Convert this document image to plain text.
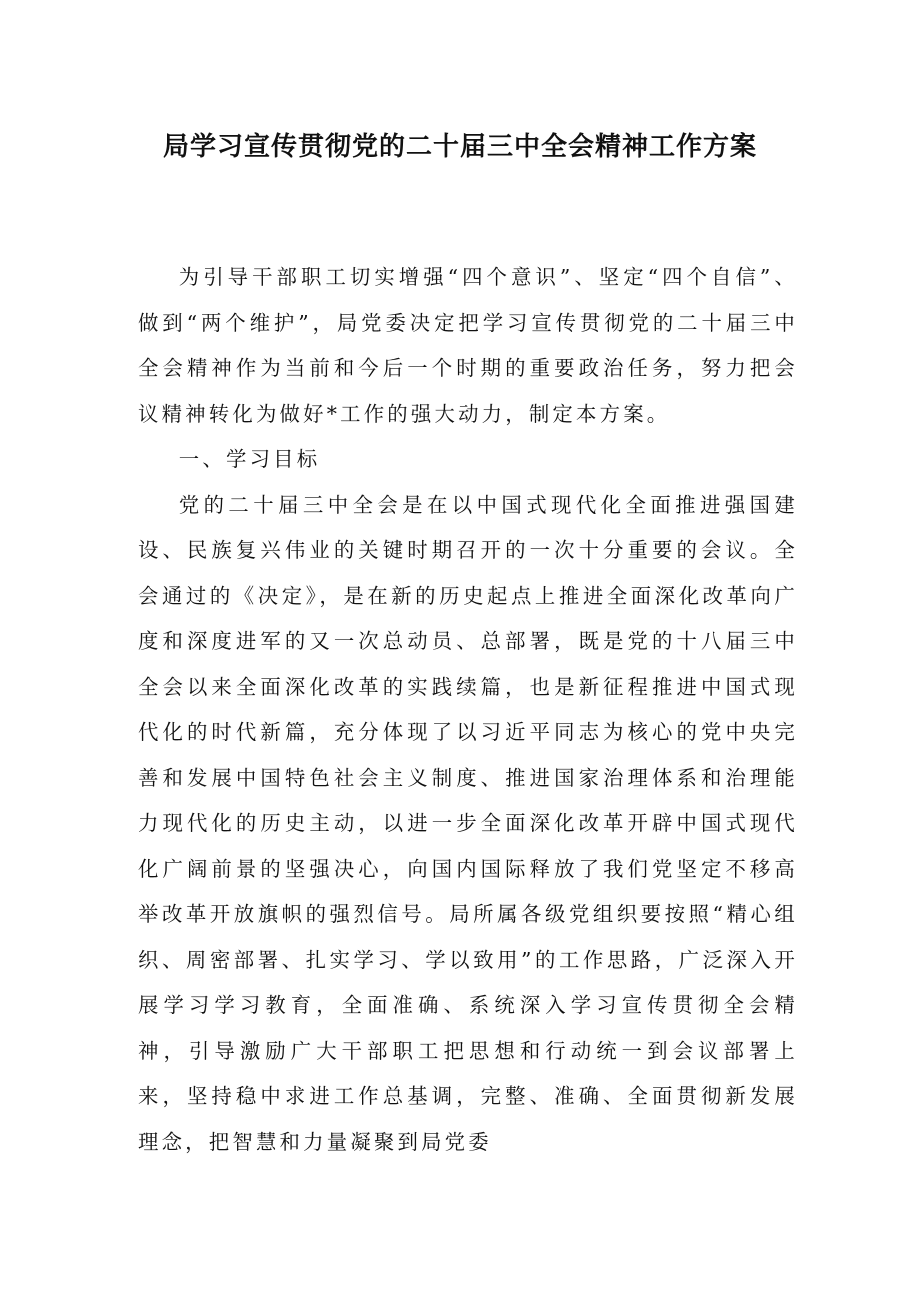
局学习宣传贯彻党的二十届三中全会精神工作方案

为引导干部职工切实增强“四个意识”、坚定“四个自信”、做到“两个维护”，局党委决定把学习宣传贯彻党的二十届三中全会精神作为当前和今后一个时期的重要政治任务，努力把会议精神转化为做好*工作的强大动力，制定本方案。

一、学习目标

党的二十届三中全会是在以中国式现代化全面推进强国建设、民族复兴伟业的关键时期召开的一次十分重要的会议。全会通过的《决定》，是在新的历史起点上推进全面深化改革向广度和深度进军的又一次总动员、总部署，既是党的十八届三中全会以来全面深化改革的实践续篇，也是新征程推进中国式现代化的时代新篇，充分体现了以习近平同志为核心的党中央完善和发展中国特色社会主义制度、推进国家治理体系和治理能力现代化的历史主动，以进一步全面深化改革开辟中国式现代化广阔前景的坚强决心，向国内国际释放了我们党坚定不移高举改革开放旗帜的强烈信号。局所属各级党组织要按照“精心组织、周密部署、扎实学习、学以致用”的工作思路，广泛深入开展学习学习教育，全面准确、系统深入学习宣传贯彻全会精神，引导激励广大干部职工把思想和行动统一到会议部署上来，坚持稳中求进工作总基调，完整、准确、全面贯彻新发展理念，把智慧和力量凝聚到局党委
